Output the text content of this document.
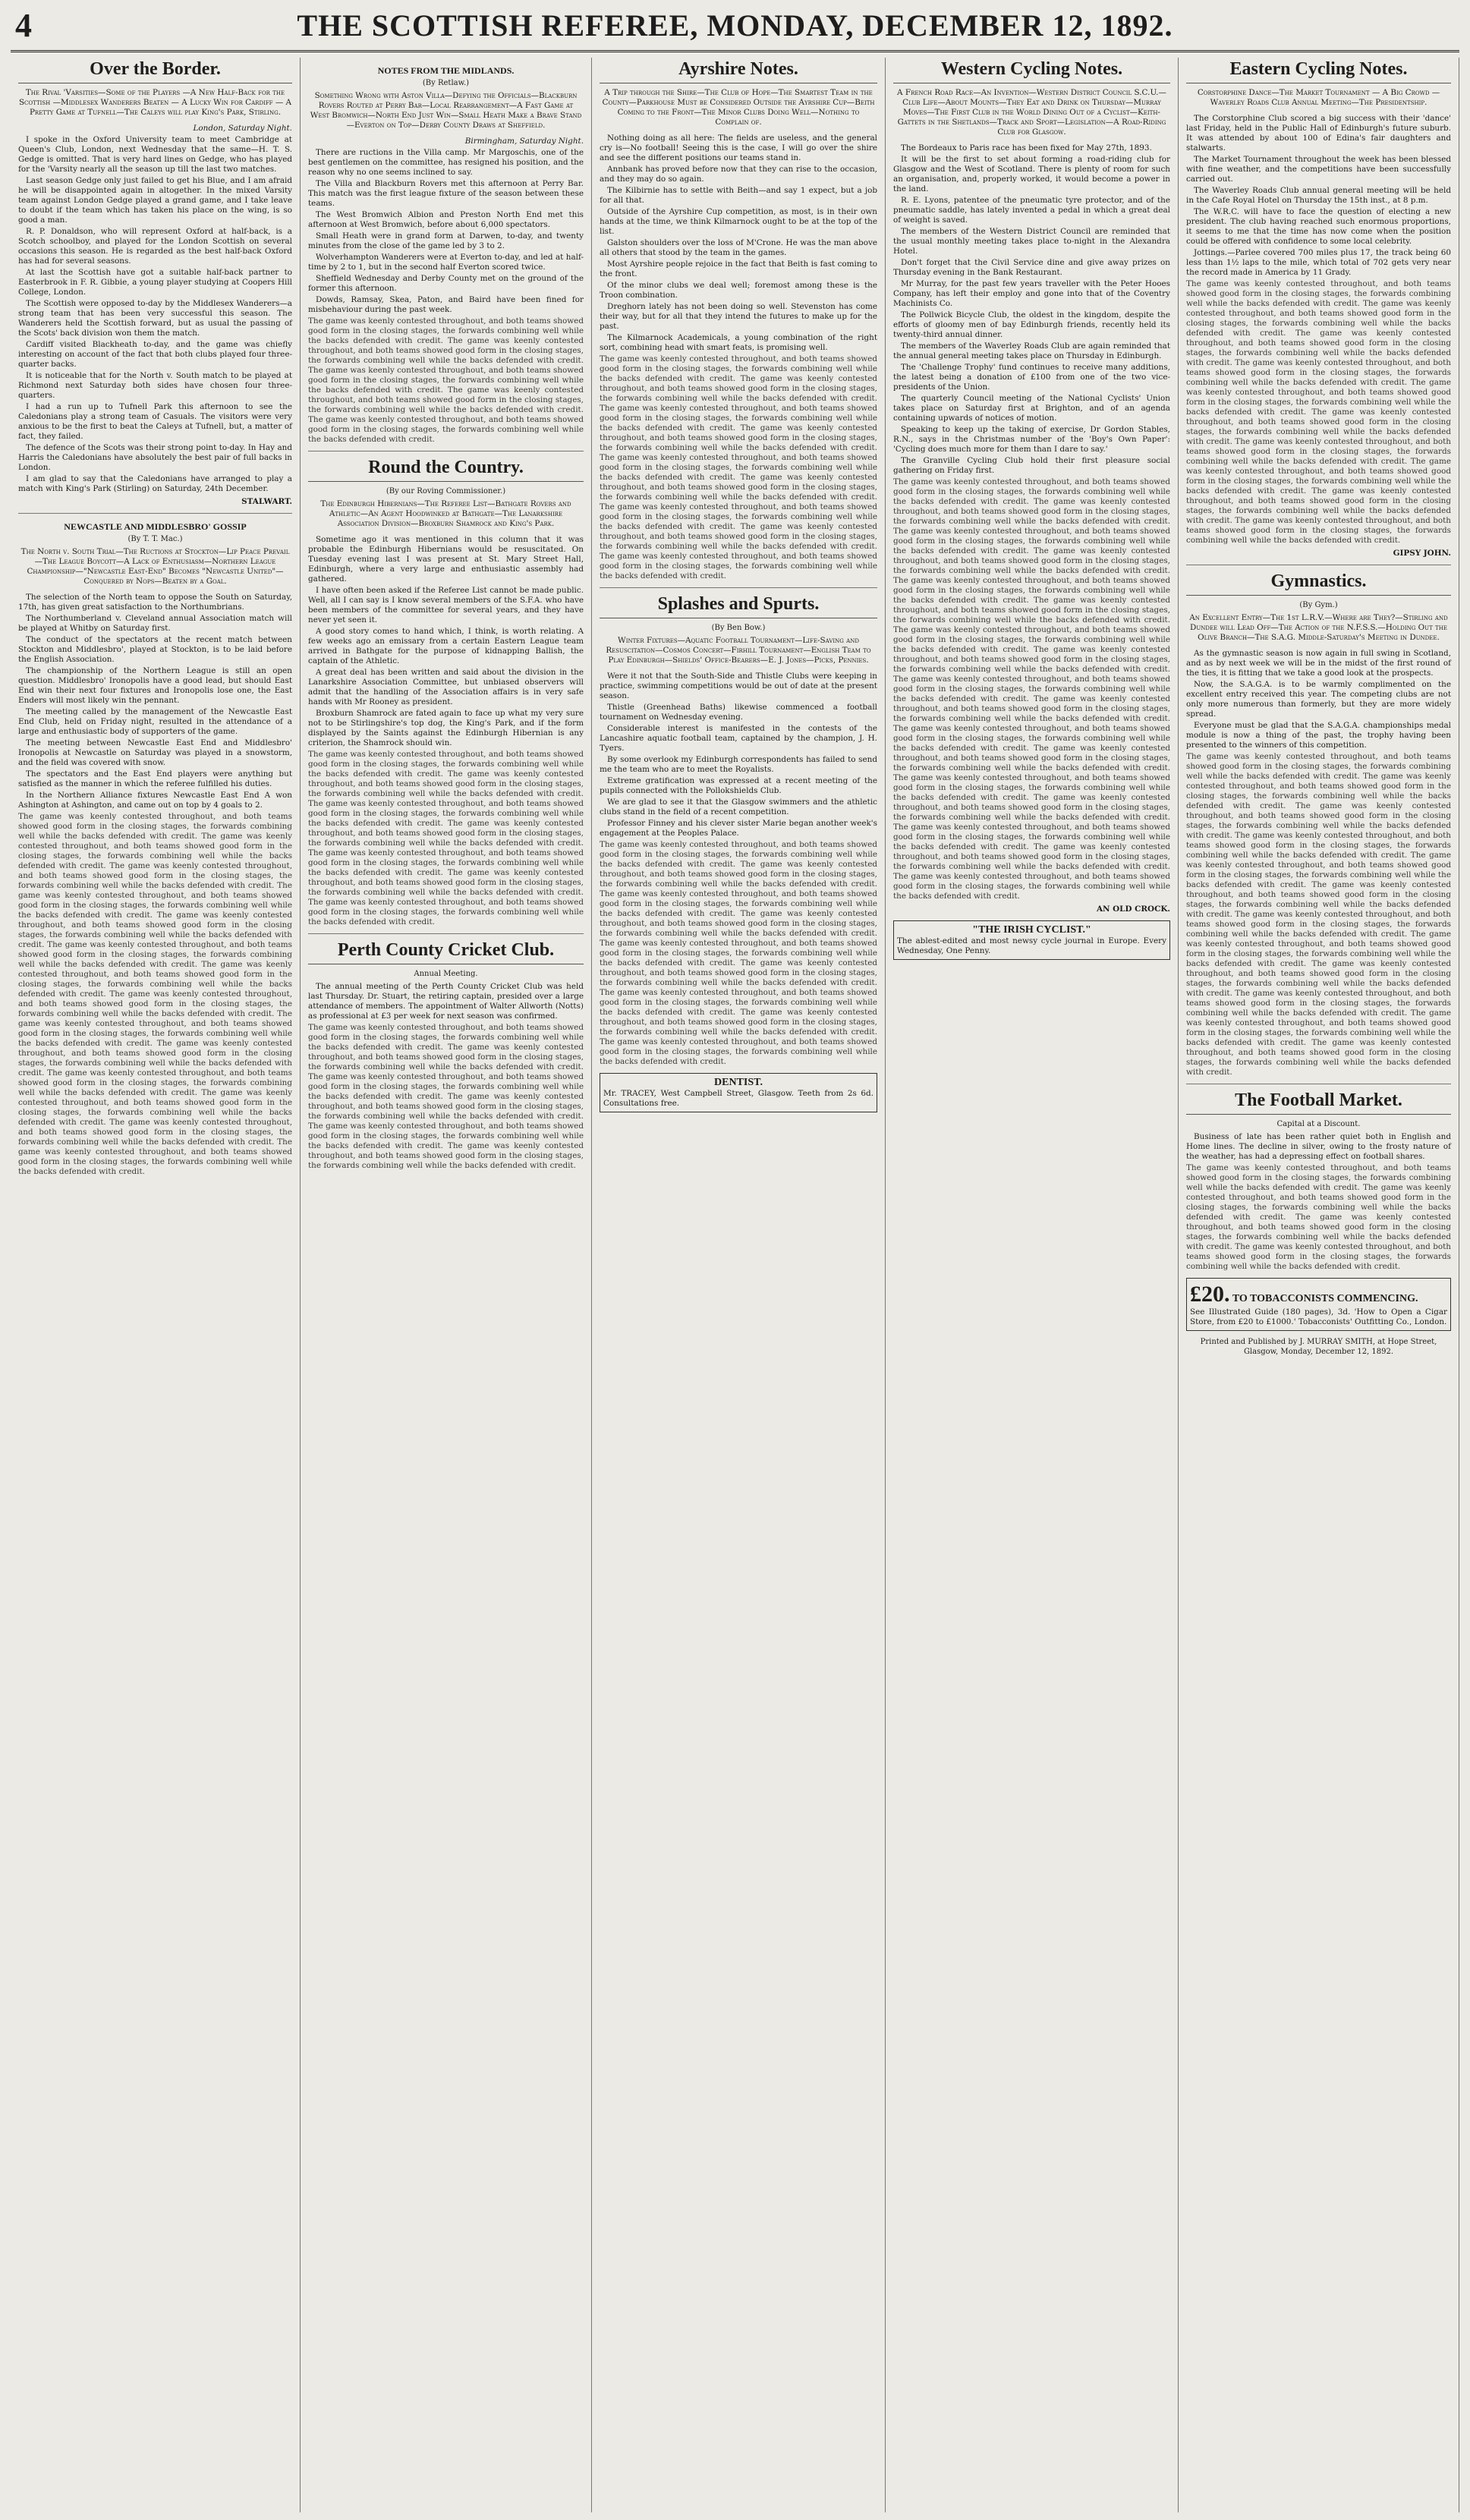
4	THE SCOTTISH REFEREE, MONDAY, DECEMBER 12, 1892.
Over the Border.
The Rival 'Varsities—Some of the Players —A New Half-Back for the Scottish —Middlesex Wanderers Beaten — A Lucky Win for Cardiff — A Pretty Game at Tufnell—The Caleys will play King's Park, Stirling.
London, Saturday Night.

I spoke in the Oxford University team to meet Cambridge at Queen's Club, London, next Wednesday that the same—H. T. S. Gedge is omitted. That is very hard lines on Gedge, who has played for the 'Varsity nearly all the season up till the last two matches.

Last season Gedge only just failed to get his Blue, and I am afraid he will be disappointed again in altogether. In the mixed Varsity team against London Gedge played a grand game, and I take leave to doubt if the team which has taken his place on the wing, is so good a man.

R. P. Donaldson, who will represent Oxford at half-back, is a Scotch schoolboy, and played for the London Scottish on several occasions this season. He is regarded as the best half-back Oxford has had for several seasons.

At last the Scottish have got a suitable half-back partner to Easterbrook in F. R. Gibbie, a young player studying at Coopers Hill College, London.

The Scottish were opposed to-day by the Middlesex Wanderers—a strong team that has been very successful this season. The Wanderers held the Scottish forward, but as usual the passing of the Scots' back division won them the match.

Cardiff visited Blackheath to-day, and the game was chiefly interesting on account of the fact that both clubs played four three-quarter backs.

It is noticeable that for the North v. South match to be played at Richmond next Saturday both sides have chosen four three-quarters.

I had a run up to Tufnell Park this afternoon to see the Caledonians play a strong team of Casuals. The visitors were very anxious to be the first to beat the Caleys at Tufnell, but, a matter of fact, they failed.

The defence of the Scots was their strong point to-day. In Hay and Harris the Caledonians have absolutely the best pair of full backs in London.

I am glad to say that the Caledonians have arranged to play a match with King's Park (Stirling) on Saturday, 24th December.

STALWART.
NEWCASTLE AND MIDDLESBRO' GOSSIP
(By T. T. Mac.)
The North v. South Trial—The Ructions at Stockton—Lip Peace Prevail—The League Boycott—A Lack of Enthusiasm—Northern League Championship—"Newcastle East-End" Becomes "Newcastle United"—Conquered by Nops—Beaten by a Goal.

The selection of the North team to oppose the South on Saturday, 17th, has given great satisfaction to the Northumbrians.

The Northumberland v. Cleveland annual Association match will be played at Whitby on Saturday first.

The conduct of the spectators at the recent match between Stockton and Middlesbro', played at Stockton, is to be laid before the English Association.

The championship of the Northern League is still an open question. Middlesbro' Ironopolis have a good lead, but should East End win their next four fixtures and Ironopolis lose one, the East Enders will most likely win the pennant.

The meeting called by the management of the Newcastle East End Club, held on Friday night, resulted in the attendance of a large and enthusiastic body of supporters of the game.

The meeting between Newcastle East End and Middlesbro' Ironopolis at Newcastle on Saturday was played in a snowstorm, and the field was covered with snow.

The spectators and the East End players were anything but satisfied as the manner in which the referee fulfilled his duties.

In the Northern Alliance fixtures Newcastle East End A won Ashington at Ashington, and came out on top by 4 goals to 2.

The game was keenly contested throughout, and both teams showed good form in the closing stages, the forwards combining well while the backs defended with credit. The game was keenly contested throughout, and both teams showed good form in the closing stages, the forwards combining well while the backs defended with credit. The game was keenly contested throughout, and both teams showed good form in the closing stages, the forwards combining well while the backs defended with credit. The game was keenly contested throughout, and both teams showed good form in the closing stages, the forwards combining well while the backs defended with credit. The game was keenly contested throughout, and both teams showed good form in the closing stages, the forwards combining well while the backs defended with credit. The game was keenly contested throughout, and both teams showed good form in the closing stages, the forwards combining well while the backs defended with credit. The game was keenly contested throughout, and both teams showed good form in the closing stages, the forwards combining well while the backs defended with credit. The game was keenly contested throughout, and both teams showed good form in the closing stages, the forwards combining well while the backs defended with credit. The game was keenly contested throughout, and both teams showed good form in the closing stages, the forwards combining well while the backs defended with credit. The game was keenly contested throughout, and both teams showed good form in the closing stages, the forwards combining well while the backs defended with credit. The game was keenly contested throughout, and both teams showed good form in the closing stages, the forwards combining well while the backs defended with credit. The game was keenly contested throughout, and both teams showed good form in the closing stages, the forwards combining well while the backs defended with credit. The game was keenly contested throughout, and both teams showed good form in the closing stages, the forwards combining well while the backs defended with credit. The game was keenly contested throughout, and both teams showed good form in the closing stages, the forwards combining well while the backs defended with credit.
NOTES FROM THE MIDLANDS.
(By Retlaw.)
Something Wrong with Aston Villa—Defying the Officials—Blackburn Rovers Routed at Perry Bar—Local Rearrangement—A Fast Game at West Bromwich—North End Just Win—Small Heath Make a Brave Stand—Everton on Top—Derby County Draws at Sheffield.
Birmingham, Saturday Night.

There are ructions in the Villa camp. Mr Margoschis, one of the best gentlemen on the committee, has resigned his position, and the reason why no one seems inclined to say.

The Villa and Blackburn Rovers met this afternoon at Perry Bar. This match was the first league fixture of the season between these teams.

The West Bromwich Albion and Preston North End met this afternoon at West Bromwich, before about 6,000 spectators.

Small Heath were in grand form at Darwen, to-day, and twenty minutes from the close of the game led by 3 to 2.

Wolverhampton Wanderers were at Everton to-day, and led at half-time by 2 to 1, but in the second half Everton scored twice.

Sheffield Wednesday and Derby County met on the ground of the former this afternoon.

Dowds, Ramsay, Skea, Paton, and Baird have been fined for misbehaviour during the past week.

The game was keenly contested throughout, and both teams showed good form in the closing stages, the forwards combining well while the backs defended with credit. The game was keenly contested throughout, and both teams showed good form in the closing stages, the forwards combining well while the backs defended with credit. The game was keenly contested throughout, and both teams showed good form in the closing stages, the forwards combining well while the backs defended with credit. The game was keenly contested throughout, and both teams showed good form in the closing stages, the forwards combining well while the backs defended with credit. The game was keenly contested throughout, and both teams showed good form in the closing stages, the forwards combining well while the backs defended with credit.
Round the Country.
(By our Roving Commissioner.)
The Edinburgh Hibernians—The Referee List—Bathgate Rovers and Athletic—An Agent Hoodwinked at Bathgate—The Lanarkshire Association Division—Broxburn Shamrock and King's Park.

Sometime ago it was mentioned in this column that it was probable the Edinburgh Hibernians would be resuscitated. On Tuesday evening last I was present at St. Mary Street Hall, Edinburgh, where a very large and enthusiastic assembly had gathered.

I have often been asked if the Referee List cannot be made public. Well, all I can say is I know several members of the S.F.A. who have been members of the committee for several years, and they have never yet seen it.

A good story comes to hand which, I think, is worth relating. A few weeks ago an emissary from a certain Eastern League team arrived in Bathgate for the purpose of kidnapping Ballish, the captain of the Athletic.

A great deal has been written and said about the division in the Lanarkshire Association Committee, but unbiased observers will admit that the handling of the Association affairs is in very safe hands with Mr Rooney as president.

Broxburn Shamrock are fated again to face up what my very sure not to be Stirlingshire's top dog, the King's Park, and if the form displayed by the Saints against the Edinburgh Hibernian is any criterion, the Shamrock should win.

The game was keenly contested throughout, and both teams showed good form in the closing stages, the forwards combining well while the backs defended with credit. The game was keenly contested throughout, and both teams showed good form in the closing stages, the forwards combining well while the backs defended with credit. The game was keenly contested throughout, and both teams showed good form in the closing stages, the forwards combining well while the backs defended with credit. The game was keenly contested throughout, and both teams showed good form in the closing stages, the forwards combining well while the backs defended with credit. The game was keenly contested throughout, and both teams showed good form in the closing stages, the forwards combining well while the backs defended with credit. The game was keenly contested throughout, and both teams showed good form in the closing stages, the forwards combining well while the backs defended with credit. The game was keenly contested throughout, and both teams showed good form in the closing stages, the forwards combining well while the backs defended with credit.
Perth County Cricket Club.
Annual Meeting.

The annual meeting of the Perth County Cricket Club was held last Thursday. Dr. Stuart, the retiring captain, presided over a large attendance of members. The appointment of Walter Allworth (Notts) as professional at £3 per week for next season was confirmed.

The game was keenly contested throughout, and both teams showed good form in the closing stages, the forwards combining well while the backs defended with credit. The game was keenly contested throughout, and both teams showed good form in the closing stages, the forwards combining well while the backs defended with credit. The game was keenly contested throughout, and both teams showed good form in the closing stages, the forwards combining well while the backs defended with credit. The game was keenly contested throughout, and both teams showed good form in the closing stages, the forwards combining well while the backs defended with credit. The game was keenly contested throughout, and both teams showed good form in the closing stages, the forwards combining well while the backs defended with credit. The game was keenly contested throughout, and both teams showed good form in the closing stages, the forwards combining well while the backs defended with credit.
Ayrshire Notes.
A Trip through the Shire—The Club of Hope—The Smartest Team in the County—Parkhouse Must be Considered Outside the Ayrshire Cup—Beith Coming to the Front—The Minor Clubs Doing Well—Nothing to Complain of.

Nothing doing as all here: The fields are useless, and the general cry is—No football! Seeing this is the case, I will go over the shire and see the different positions our teams stand in.

Annbank has proved before now that they can rise to the occasion, and they may do so again.

The Kilbirnie has to settle with Beith—and say 1 expect, but a job for all that.

Outside of the Ayrshire Cup competition, as most, is in their own hands at the time, we think Kilmarnock ought to be at the top of the list.

Galston shoulders over the loss of M'Crone. He was the man above all others that stood by the team in the games.

Most Ayrshire people rejoice in the fact that Beith is fast coming to the front.

Of the minor clubs we deal well; foremost among these is the Troon combination.

Dreghorn lately has not been doing so well. Stevenston has come their way, but for all that they intend the futures to make up for the past.

The Kilmarnock Academicals, a young combination of the right sort, combining head with smart feats, is promising well.

The game was keenly contested throughout, and both teams showed good form in the closing stages, the forwards combining well while the backs defended with credit. The game was keenly contested throughout, and both teams showed good form in the closing stages, the forwards combining well while the backs defended with credit. The game was keenly contested throughout, and both teams showed good form in the closing stages, the forwards combining well while the backs defended with credit. The game was keenly contested throughout, and both teams showed good form in the closing stages, the forwards combining well while the backs defended with credit. The game was keenly contested throughout, and both teams showed good form in the closing stages, the forwards combining well while the backs defended with credit. The game was keenly contested throughout, and both teams showed good form in the closing stages, the forwards combining well while the backs defended with credit. The game was keenly contested throughout, and both teams showed good form in the closing stages, the forwards combining well while the backs defended with credit. The game was keenly contested throughout, and both teams showed good form in the closing stages, the forwards combining well while the backs defended with credit. The game was keenly contested throughout, and both teams showed good form in the closing stages, the forwards combining well while the backs defended with credit.
Splashes and Spurts.
(By Ben Bow.)
Winter Fixtures—Aquatic Football Tournament—Life-Saving and Resuscitation—Cosmos Concert—Firhill Tournament—English Team to Play Edinburgh—Shields' Office-Bearers—E. J. Jones—Picks, Pennies.

Were it not that the South-Side and Thistle Clubs were keeping in practice, swimming competitions would be out of date at the present season.

Thistle (Greenhead Baths) likewise commenced a football tournament on Wednesday evening.

Considerable interest is manifested in the contests of the Lancashire aquatic football team, captained by the champion, J. H. Tyers.

By some overlook my Edinburgh correspondents has failed to send me the team who are to meet the Royalists.

Extreme gratification was expressed at a recent meeting of the pupils connected with the Pollokshields Club.

We are glad to see it that the Glasgow swimmers and the athletic clubs stand in the field of a recent competition.

Professor Finney and his clever sister Marie began another week's engagement at the Peoples Palace.

The game was keenly contested throughout, and both teams showed good form in the closing stages, the forwards combining well while the backs defended with credit. The game was keenly contested throughout, and both teams showed good form in the closing stages, the forwards combining well while the backs defended with credit. The game was keenly contested throughout, and both teams showed good form in the closing stages, the forwards combining well while the backs defended with credit. The game was keenly contested throughout, and both teams showed good form in the closing stages, the forwards combining well while the backs defended with credit. The game was keenly contested throughout, and both teams showed good form in the closing stages, the forwards combining well while the backs defended with credit. The game was keenly contested throughout, and both teams showed good form in the closing stages, the forwards combining well while the backs defended with credit. The game was keenly contested throughout, and both teams showed good form in the closing stages, the forwards combining well while the backs defended with credit. The game was keenly contested throughout, and both teams showed good form in the closing stages, the forwards combining well while the backs defended with credit. The game was keenly contested throughout, and both teams showed good form in the closing stages, the forwards combining well while the backs defended with credit.
DENTIST.
Mr. TRACEY, West Campbell Street, Glasgow. Teeth from 2s 6d. Consultations free.
Western Cycling Notes.
A French Road Race—An Invention—Western District Council S.C.U.—Club Life—About Mounts—They Eat and Drink on Thursday—Murray Moves—The First Club in the World Dining Out of a Cyclist—Keith-Gattets in the Shetlands—Track and Sport—Legislation—A Road-Riding Club for Glasgow.

The Bordeaux to Paris race has been fixed for May 27th, 1893.

It will be the first to set about forming a road-riding club for Glasgow and the West of Scotland. There is plenty of room for such an organisation, and, properly worked, it would become a power in the land.

R. E. Lyons, patentee of the pneumatic tyre protector, and of the pneumatic saddle, has lately invented a pedal in which a great deal of weight is saved.

The members of the Western District Council are reminded that the usual monthly meeting takes place to-night in the Alexandra Hotel.

Don't forget that the Civil Service dine and give away prizes on Thursday evening in the Bank Restaurant.

Mr Murray, for the past few years traveller with the Peter Hooes Company, has left their employ and gone into that of the Coventry Machinists Co.

The Pollwick Bicycle Club, the oldest in the kingdom, despite the efforts of gloomy men of bay Edinburgh friends, recently held its twenty-third annual dinner.

The members of the Waverley Roads Club are again reminded that the annual general meeting takes place on Thursday in Edinburgh.

The 'Challenge Trophy' fund continues to receive many additions, the latest being a donation of £100 from one of the two vice-presidents of the Union.

The quarterly Council meeting of the National Cyclists' Union takes place on Saturday first at Brighton, and of an agenda containing upwards of notices of motion.

Speaking to keep up the taking of exercise, Dr Gordon Stables, R.N., says in the Christmas number of the 'Boy's Own Paper': 'Cycling does much more for them than I dare to say.'

The Granville Cycling Club hold their first pleasure social gathering on Friday first.

The game was keenly contested throughout, and both teams showed good form in the closing stages, the forwards combining well while the backs defended with credit. The game was keenly contested throughout, and both teams showed good form in the closing stages, the forwards combining well while the backs defended with credit. The game was keenly contested throughout, and both teams showed good form in the closing stages, the forwards combining well while the backs defended with credit. The game was keenly contested throughout, and both teams showed good form in the closing stages, the forwards combining well while the backs defended with credit. The game was keenly contested throughout, and both teams showed good form in the closing stages, the forwards combining well while the backs defended with credit. The game was keenly contested throughout, and both teams showed good form in the closing stages, the forwards combining well while the backs defended with credit. The game was keenly contested throughout, and both teams showed good form in the closing stages, the forwards combining well while the backs defended with credit. The game was keenly contested throughout, and both teams showed good form in the closing stages, the forwards combining well while the backs defended with credit. The game was keenly contested throughout, and both teams showed good form in the closing stages, the forwards combining well while the backs defended with credit. The game was keenly contested throughout, and both teams showed good form in the closing stages, the forwards combining well while the backs defended with credit. The game was keenly contested throughout, and both teams showed good form in the closing stages, the forwards combining well while the backs defended with credit. The game was keenly contested throughout, and both teams showed good form in the closing stages, the forwards combining well while the backs defended with credit. The game was keenly contested throughout, and both teams showed good form in the closing stages, the forwards combining well while the backs defended with credit. The game was keenly contested throughout, and both teams showed good form in the closing stages, the forwards combining well while the backs defended with credit. The game was keenly contested throughout, and both teams showed good form in the closing stages, the forwards combining well while the backs defended with credit. The game was keenly contested throughout, and both teams showed good form in the closing stages, the forwards combining well while the backs defended with credit. The game was keenly contested throughout, and both teams showed good form in the closing stages, the forwards combining well while the backs defended with credit.
AN OLD CROCK.
"THE IRISH CYCLIST."
The ablest-edited and most newsy cycle journal in Europe. Every Wednesday, One Penny.
Eastern Cycling Notes.
Corstorphine Dance—The Market Tournament — A Big Crowd — Waverley Roads Club Annual Meeting—The Presidentship.

The Corstorphine Club scored a big success with their 'dance' last Friday, held in the Public Hall of Edinburgh's future suburb. It was attended by about 100 of Edina's fair daughters and stalwarts.

The Market Tournament throughout the week has been blessed with fine weather, and the competitions have been successfully carried out.

The Waverley Roads Club annual general meeting will be held in the Cafe Royal Hotel on Thursday the 15th inst., at 8 p.m.

The W.R.C. will have to face the question of electing a new president. The club having reached such enormous proportions, it seems to me that the time has now come when the position could be offered with confidence to some local celebrity.

Jottings.—Parlee covered 700 miles plus 17, the track being 60 less than 1½ laps to the mile, which total of 702 gets very near the record made in America by 11 Grady.

The game was keenly contested throughout, and both teams showed good form in the closing stages, the forwards combining well while the backs defended with credit. The game was keenly contested throughout, and both teams showed good form in the closing stages, the forwards combining well while the backs defended with credit. The game was keenly contested throughout, and both teams showed good form in the closing stages, the forwards combining well while the backs defended with credit. The game was keenly contested throughout, and both teams showed good form in the closing stages, the forwards combining well while the backs defended with credit. The game was keenly contested throughout, and both teams showed good form in the closing stages, the forwards combining well while the backs defended with credit. The game was keenly contested throughout, and both teams showed good form in the closing stages, the forwards combining well while the backs defended with credit. The game was keenly contested throughout, and both teams showed good form in the closing stages, the forwards combining well while the backs defended with credit. The game was keenly contested throughout, and both teams showed good form in the closing stages, the forwards combining well while the backs defended with credit. The game was keenly contested throughout, and both teams showed good form in the closing stages, the forwards combining well while the backs defended with credit. The game was keenly contested throughout, and both teams showed good form in the closing stages, the forwards combining well while the backs defended with credit.
GIPSY JOHN.
Gymnastics.
(By Gym.)
An Excellent Entry—The 1st L.R.V.—Where are They?—Stirling and Dundee will Lead Off—The Action of the N.F.S.S.—Holding Out the Olive Branch—The S.A.G. Middle-Saturday's Meeting in Dundee.

As the gymnastic season is now again in full swing in Scotland, and as by next week we will be in the midst of the first round of the ties, it is fitting that we take a good look at the prospects.

Now, the S.A.G.A. is to be warmly complimented on the excellent entry received this year. The competing clubs are not only more numerous than formerly, but they are more widely spread.

Everyone must be glad that the S.A.G.A. championships medal module is now a thing of the past, the trophy having been presented to the winners of this competition.

The game was keenly contested throughout, and both teams showed good form in the closing stages, the forwards combining well while the backs defended with credit. The game was keenly contested throughout, and both teams showed good form in the closing stages, the forwards combining well while the backs defended with credit. The game was keenly contested throughout, and both teams showed good form in the closing stages, the forwards combining well while the backs defended with credit. The game was keenly contested throughout, and both teams showed good form in the closing stages, the forwards combining well while the backs defended with credit. The game was keenly contested throughout, and both teams showed good form in the closing stages, the forwards combining well while the backs defended with credit. The game was keenly contested throughout, and both teams showed good form in the closing stages, the forwards combining well while the backs defended with credit. The game was keenly contested throughout, and both teams showed good form in the closing stages, the forwards combining well while the backs defended with credit. The game was keenly contested throughout, and both teams showed good form in the closing stages, the forwards combining well while the backs defended with credit. The game was keenly contested throughout, and both teams showed good form in the closing stages, the forwards combining well while the backs defended with credit. The game was keenly contested throughout, and both teams showed good form in the closing stages, the forwards combining well while the backs defended with credit. The game was keenly contested throughout, and both teams showed good form in the closing stages, the forwards combining well while the backs defended with credit. The game was keenly contested throughout, and both teams showed good form in the closing stages, the forwards combining well while the backs defended with credit.
The Football Market.
Capital at a Discount.

Business of late has been rather quiet both in English and Home lines. The decline in silver, owing to the frosty nature of the weather, has had a depressing effect on football shares.

The game was keenly contested throughout, and both teams showed good form in the closing stages, the forwards combining well while the backs defended with credit. The game was keenly contested throughout, and both teams showed good form in the closing stages, the forwards combining well while the backs defended with credit. The game was keenly contested throughout, and both teams showed good form in the closing stages, the forwards combining well while the backs defended with credit. The game was keenly contested throughout, and both teams showed good form in the closing stages, the forwards combining well while the backs defended with credit.
£20. TO TOBACCONISTS COMMENCING.
See Illustrated Guide (180 pages), 3d. 'How to Open a Cigar Store, from £20 to £1000.' Tobacconists' Outfitting Co., London.
Printed and Published by J. MURRAY SMITH, at Hope Street, Glasgow, Monday, December 12, 1892.
